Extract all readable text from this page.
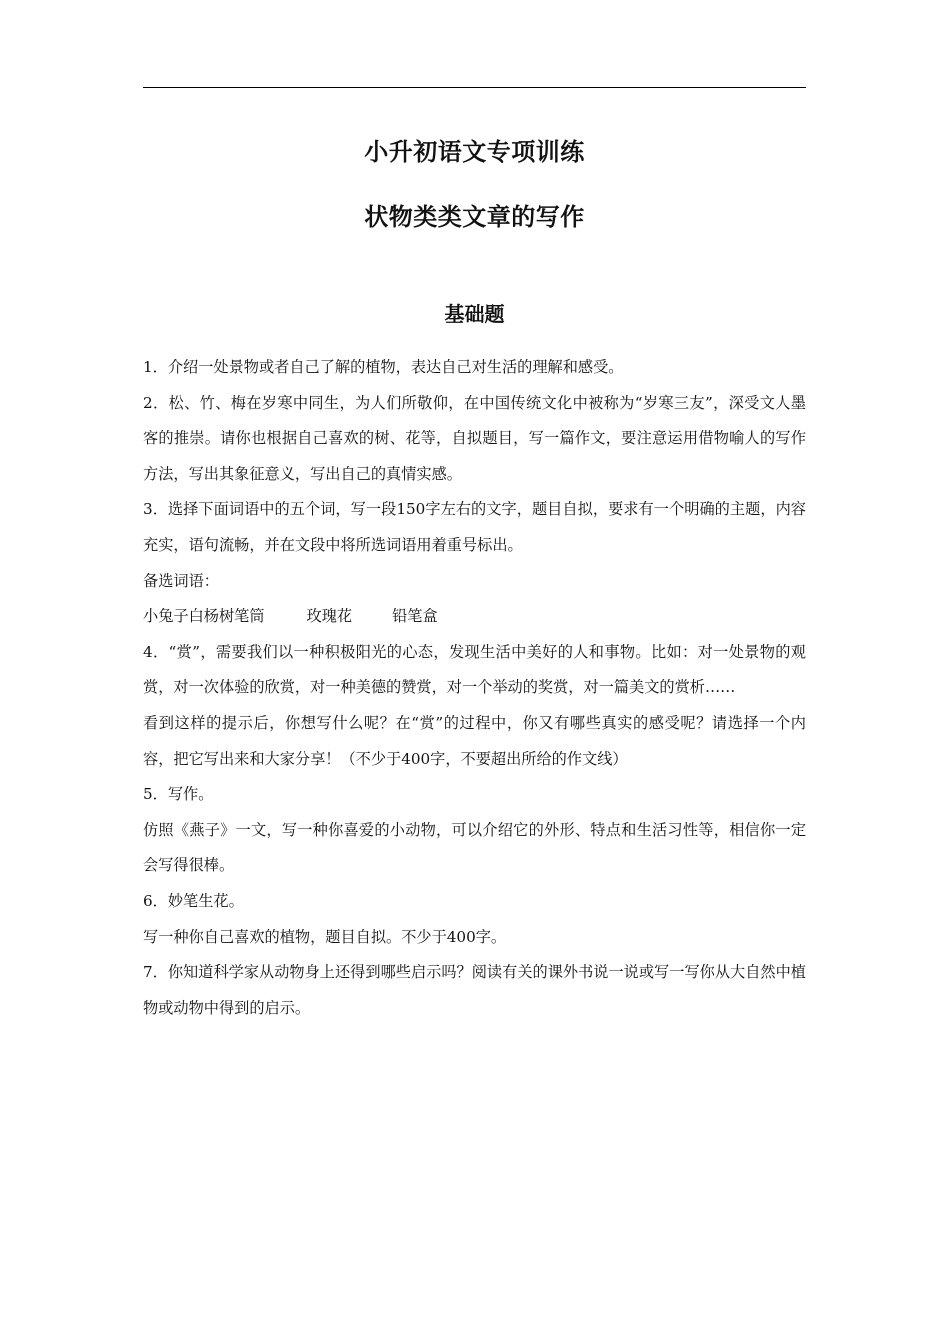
小升初语文专项训练
状物类类文章的写作
基础题

1．介绍一处景物或者自己了解的植物，表达自己对生活的理解和感受。

2．松、竹、梅在岁寒中同生，为人们所敬仰，在中国传统文化中被称为“岁寒三友”，深受文人墨客的推崇。请你也根据自己喜欢的树、花等，自拟题目，写一篇作文，要注意运用借物喻人的写作方法，写出其象征意义，写出自己的真情实感。

3．选择下面词语中的五个词，写一段150字左右的文字，题目自拟，要求有一个明确的主题，内容充实，语句流畅，并在文段中将所选词语用着重号标出。

备选词语：

小兔子白杨树笔筒	玫瑰花	铅笔盒

4．“赏”，需要我们以一种积极阳光的心态，发现生活中美好的人和事物。比如：对一处景物的观赏，对一次体验的欣赏，对一种美德的赞赏，对一个举动的奖赏，对一篇美文的赏析……

看到这样的提示后，你想写什么呢？在“赏”的过程中，你又有哪些真实的感受呢？请选择一个内容，把它写出来和大家分享！（不少于400字，不要超出所给的作文线）

5．写作。

仿照《燕子》一文，写一种你喜爱的小动物，可以介绍它的外形、特点和生活习性等，相信你一定会写得很棒。

6．妙笔生花。

写一种你自己喜欢的植物，题目自拟。不少于400字。

7．你知道科学家从动物身上还得到哪些启示吗？阅读有关的课外书说一说或写一写你从大自然中植物或动物中得到的启示。
